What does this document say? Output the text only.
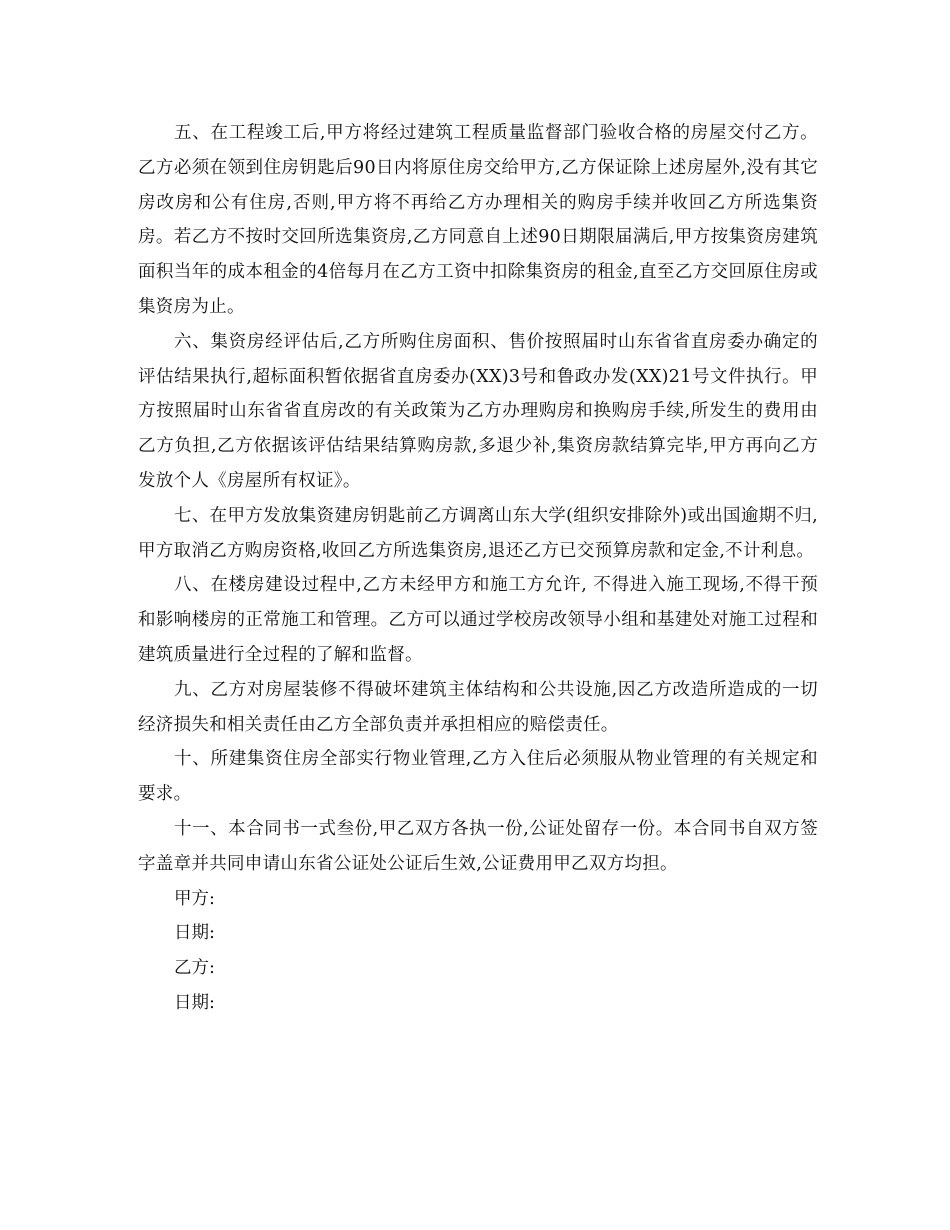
五、在工程竣工后,甲方将经过建筑工程质量监督部门验收合格的房屋交付乙方。乙方必须在领到住房钥匙后90日内将原住房交给甲方,乙方保证除上述房屋外,没有其它房改房和公有住房,否则,甲方将不再给乙方办理相关的购房手续并收回乙方所选集资房。若乙方不按时交回所选集资房,乙方同意自上述90日期限届满后,甲方按集资房建筑面积当年的成本租金的4倍每月在乙方工资中扣除集资房的租金,直至乙方交回原住房或集资房为止。

六、集资房经评估后,乙方所购住房面积、售价按照届时山东省省直房委办确定的评估结果执行,超标面积暂依据省直房委办(XX)3号和鲁政办发(XX)21号文件执行。甲方按照届时山东省省直房改的有关政策为乙方办理购房和换购房手续,所发生的费用由乙方负担,乙方依据该评估结果结算购房款,多退少补,集资房款结算完毕,甲方再向乙方发放个人《房屋所有权证》。

七、在甲方发放集资建房钥匙前乙方调离山东大学(组织安排除外)或出国逾期不归,甲方取消乙方购房资格,收回乙方所选集资房,退还乙方已交预算房款和定金,不计利息。

八、在楼房建设过程中,乙方未经甲方和施工方允许, 不得进入施工现场,不得干预和影响楼房的正常施工和管理。乙方可以通过学校房改领导小组和基建处对施工过程和建筑质量进行全过程的了解和监督。

九、乙方对房屋装修不得破坏建筑主体结构和公共设施,因乙方改造所造成的一切经济损失和相关责任由乙方全部负责并承担相应的赔偿责任。

十、所建集资住房全部实行物业管理,乙方入住后必须服从物业管理的有关规定和要求。

十一、本合同书一式叁份,甲乙双方各执一份,公证处留存一份。本合同书自双方签字盖章并共同申请山东省公证处公证后生效,公证费用甲乙双方均担。

甲方:

日期:

乙方:

日期:
